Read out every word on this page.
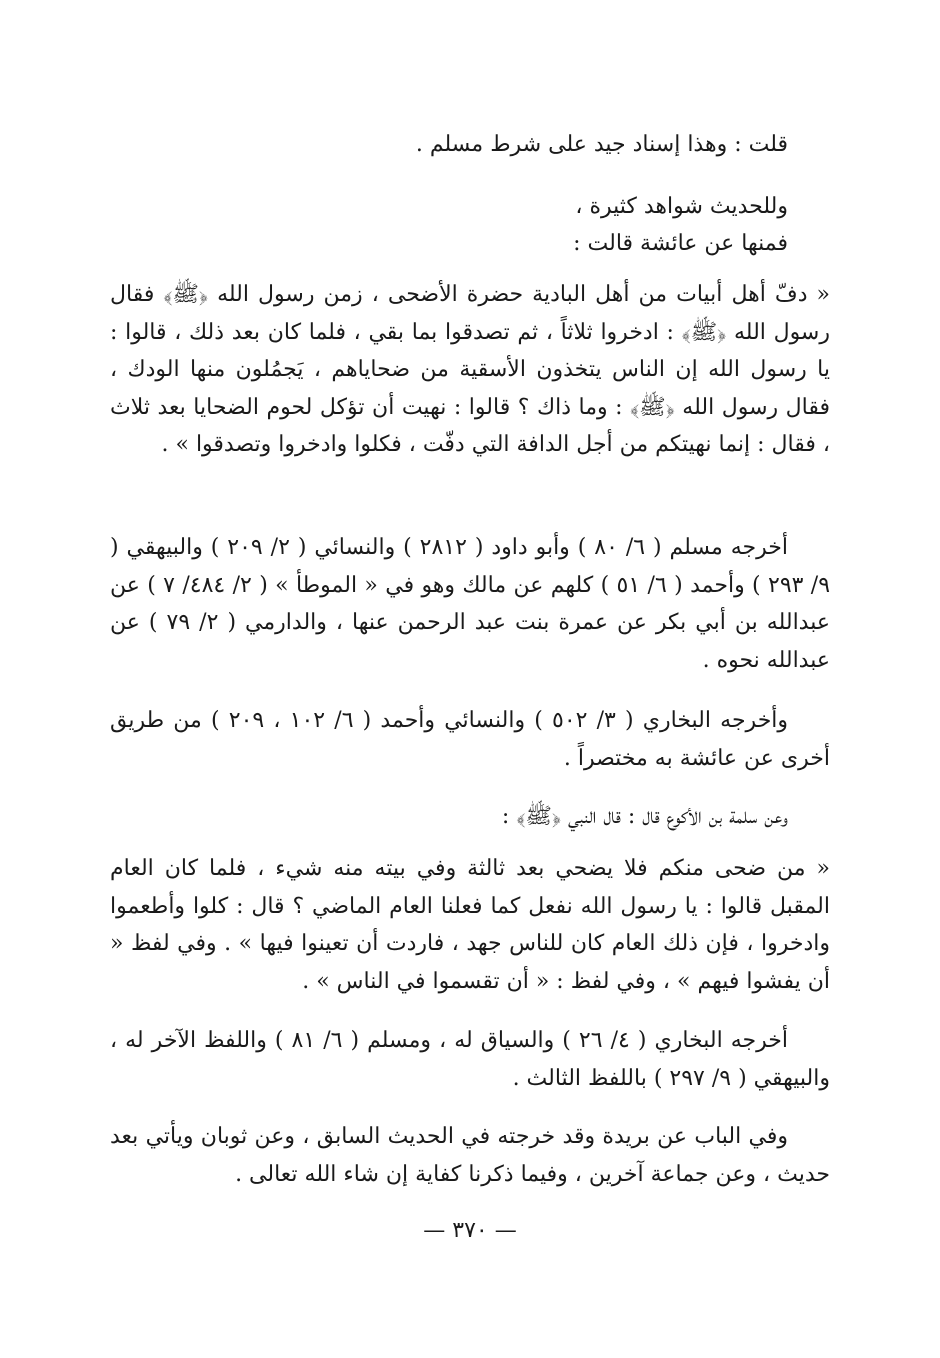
قلت : وهذا إسناد جيد على شرط مسلم .

وللحديث شواهد كثيرة ،

فمنها عن عائشة قالت :

« دفّ أهل أبيات من أهل البادية حضرة الأضحى ، زمن رسول الله ﴿ﷺ﴾ فقال رسول الله ﴿ﷺ﴾ : ادخروا ثلاثاً ، ثم تصدقوا بما بقي ، فلما كان بعد ذلك ، قالوا : يا رسول الله إن الناس يتخذون الأسقية من ضحاياهم ، يَجمُلون منها الودك ، فقال رسول الله ﴿ﷺ﴾ : وما ذاك ؟ قالوا : نهيت أن تؤكل لحوم الضحايا بعد ثلاث ، فقال : إنما نهيتكم من أجل الدافة التي دفّت ، فكلوا وادخروا وتصدقوا » .

أخرجه مسلم ( ٦/ ٨٠ ) وأبو داود ( ٢٨١٢ ) والنسائي ( ٢/ ٢٠٩ ) والبيهقي ( ٩/ ٢٩٣ ) وأحمد ( ٦/ ٥١ ) كلهم عن مالك وهو في « الموطأ » ( ٢/ ٤٨٤/ ٧ ) عن عبدالله بن أبي بكر عن عمرة بنت عبد الرحمن عنها ، والدارمي ( ٢/ ٧٩ ) عن عبدالله نحوه .

وأخرجه البخاري ( ٣/ ٥٠٢ ) والنسائي وأحمد ( ٦/ ١٠٢ ، ٢٠٩ ) من طريق أخرى عن عائشة به مختصراً .

وعن سلمة بن الأكوع قال : قال النبي ﴿ﷺ﴾ :

« من ضحى منكم فلا يضحي بعد ثالثة وفي بيته منه شيء ، فلما كان العام المقبل قالوا : يا رسول الله نفعل كما فعلنا العام الماضي ؟ قال : كلوا وأطعموا وادخروا ، فإن ذلك العام كان للناس جهد ، فاردت أن تعينوا فيها » . وفي لفظ « أن يفشوا فيهم » ، وفي لفظ : « أن تقسموا في الناس » .

أخرجه البخاري ( ٤/ ٢٦ ) والسياق له ، ومسلم ( ٦/ ٨١ ) واللفظ الآخر له ، والبيهقي ( ٩/ ٢٩٧ ) باللفظ الثالث .

وفي الباب عن بريدة وقد خرجته في الحديث السابق ، وعن ثوبان ويأتي بعد حديث ، وعن جماعة آخرين ، وفيما ذكرنا كفاية إن شاء الله تعالى .

— ٣٧٠ —
